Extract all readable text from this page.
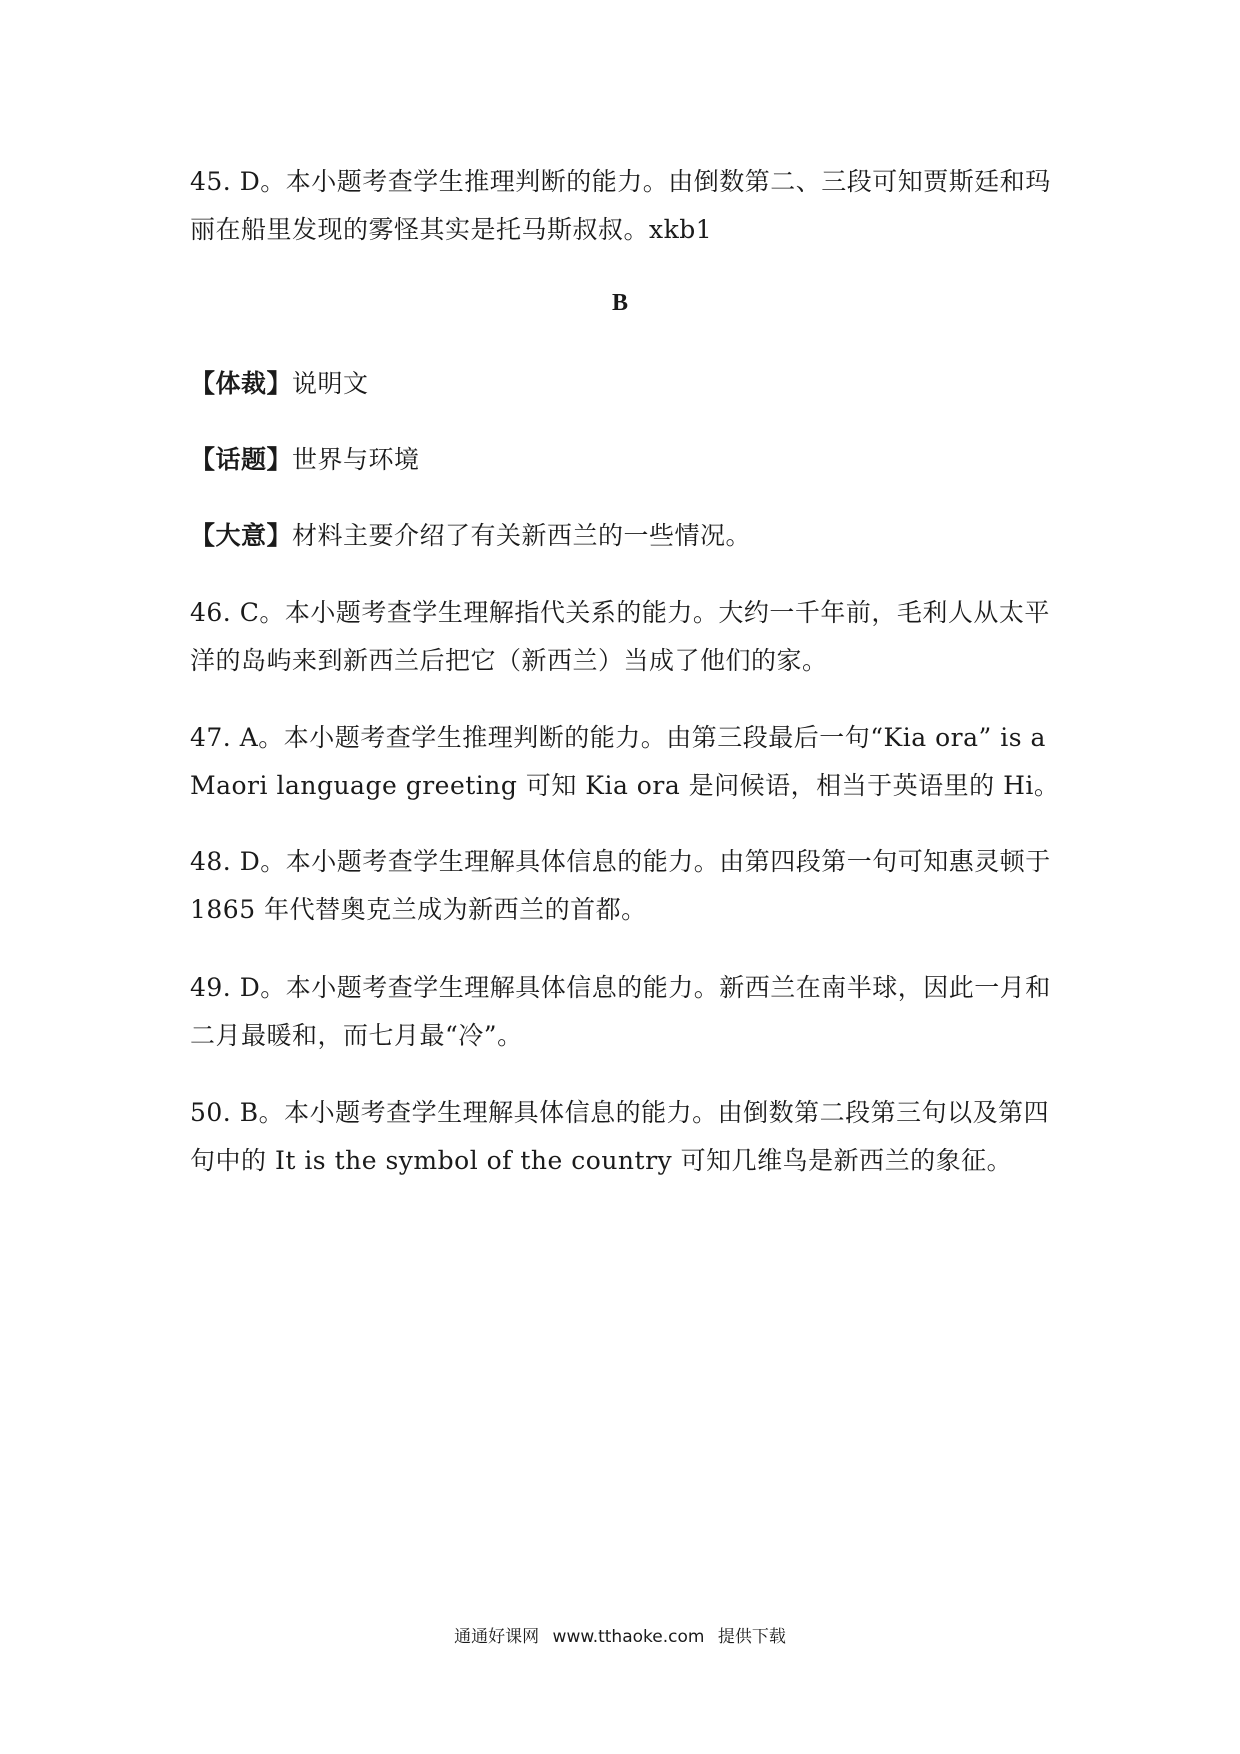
45. D。本小题考查学生推理判断的能力。由倒数第二、三段可知贾斯廷和玛丽在船里发现的雾怪其实是托马斯叔叔。xkb1

B

【体裁】说明文

【话题】世界与环境

【大意】材料主要介绍了有关新西兰的一些情况。

46. C。本小题考查学生理解指代关系的能力。大约一千年前，毛利人从太平洋的岛屿来到新西兰后把它（新西兰）当成了他们的家。

47. A。本小题考查学生推理判断的能力。由第三段最后一句“Kia ora” is a Maori language greeting 可知 Kia ora 是问候语，相当于英语里的 Hi。

48. D。本小题考查学生理解具体信息的能力。由第四段第一句可知惠灵顿于 1865 年代替奥克兰成为新西兰的首都。

49. D。本小题考查学生理解具体信息的能力。新西兰在南半球，因此一月和二月最暖和，而七月最“冷”。

50. B。本小题考查学生理解具体信息的能力。由倒数第二段第三句以及第四句中的 It is the symbol of the country 可知几维鸟是新西兰的象征。

通通好课网 www.tthaoke.com 提供下载
